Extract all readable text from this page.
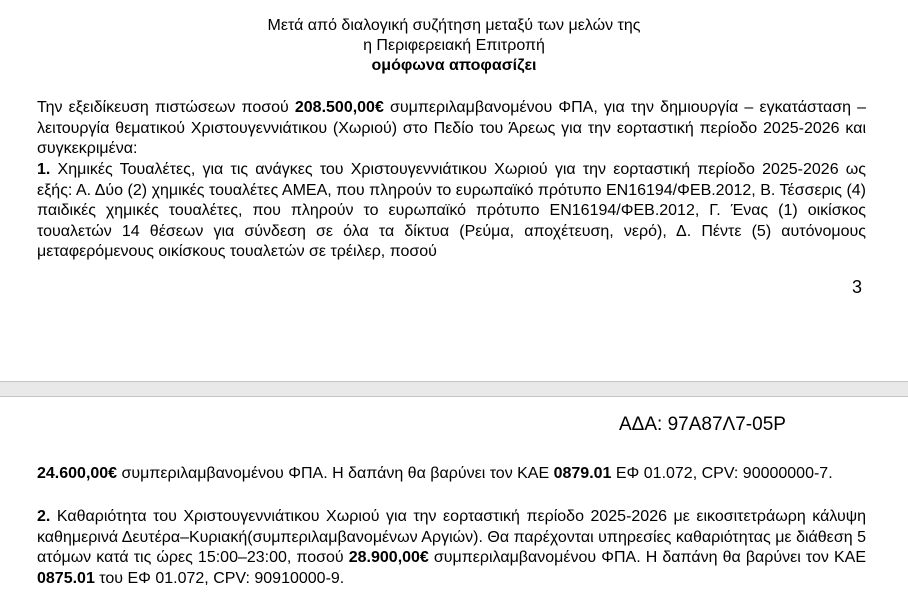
Μετά από διαλογική συζήτηση μεταξύ των μελών της
η Περιφερειακή Επιτροπή
ομόφωνα αποφασίζει
Την εξειδίκευση πιστώσεων ποσού 208.500,00€ συμπεριλαμβανομένου ΦΠΑ, για την δημιουργία – εγκατάσταση – λειτουργία θεματικού Χριστουγεννιάτικου (Χωριού) στο Πεδίο του Άρεως για την εορταστική περίοδο 2025-2026 και συγκεκριμένα:
1. Χημικές Τουαλέτες, για τις ανάγκες του Χριστουγεννιάτικου Χωριού για την εορταστική περίοδο 2025-2026 ως εξής: Α. Δύο (2) χημικές τουαλέτες ΑΜΕΑ, που πληρούν το ευρωπαϊκό πρότυπο ΕΝ16194/ΦΕΒ.2012, Β. Τέσσερις (4) παιδικές χημικές τουαλέτες, που πληρούν το ευρωπαϊκό πρότυπο ΕΝ16194/ΦΕΒ.2012, Γ. Ένας (1) οικίσκος τουαλετών 14 θέσεων για σύνδεση σε όλα τα δίκτυα (Ρεύμα, αποχέτευση, νερό), Δ. Πέντε (5) αυτόνομους μεταφερόμενους οικίσκους τουαλετών σε τρέιλερ, ποσού
3
ΑΔΑ: 97Α87Λ7-05Ρ
24.600,00€ συμπεριλαμβανομένου ΦΠΑ. Η δαπάνη θα βαρύνει τον ΚΑΕ 0879.01 ΕΦ 01.072, CPV: 90000000-7.
2. Καθαριότητα του Χριστουγεννιάτικου Χωριού για την εορταστική περίοδο 2025-2026 με εικοσιτετράωρη κάλυψη καθημερινά Δευτέρα–Κυριακή(συμπεριλαμβανομένων Αργιών). Θα παρέχονται υπηρεσίες καθαριότητας με διάθεση 5 ατόμων κατά τις ώρες 15:00–23:00, ποσού 28.900,00€ συμπεριλαμβανομένου ΦΠΑ. Η δαπάνη θα βαρύνει τον ΚΑΕ 0875.01 του ΕΦ 01.072, CPV: 90910000-9.
